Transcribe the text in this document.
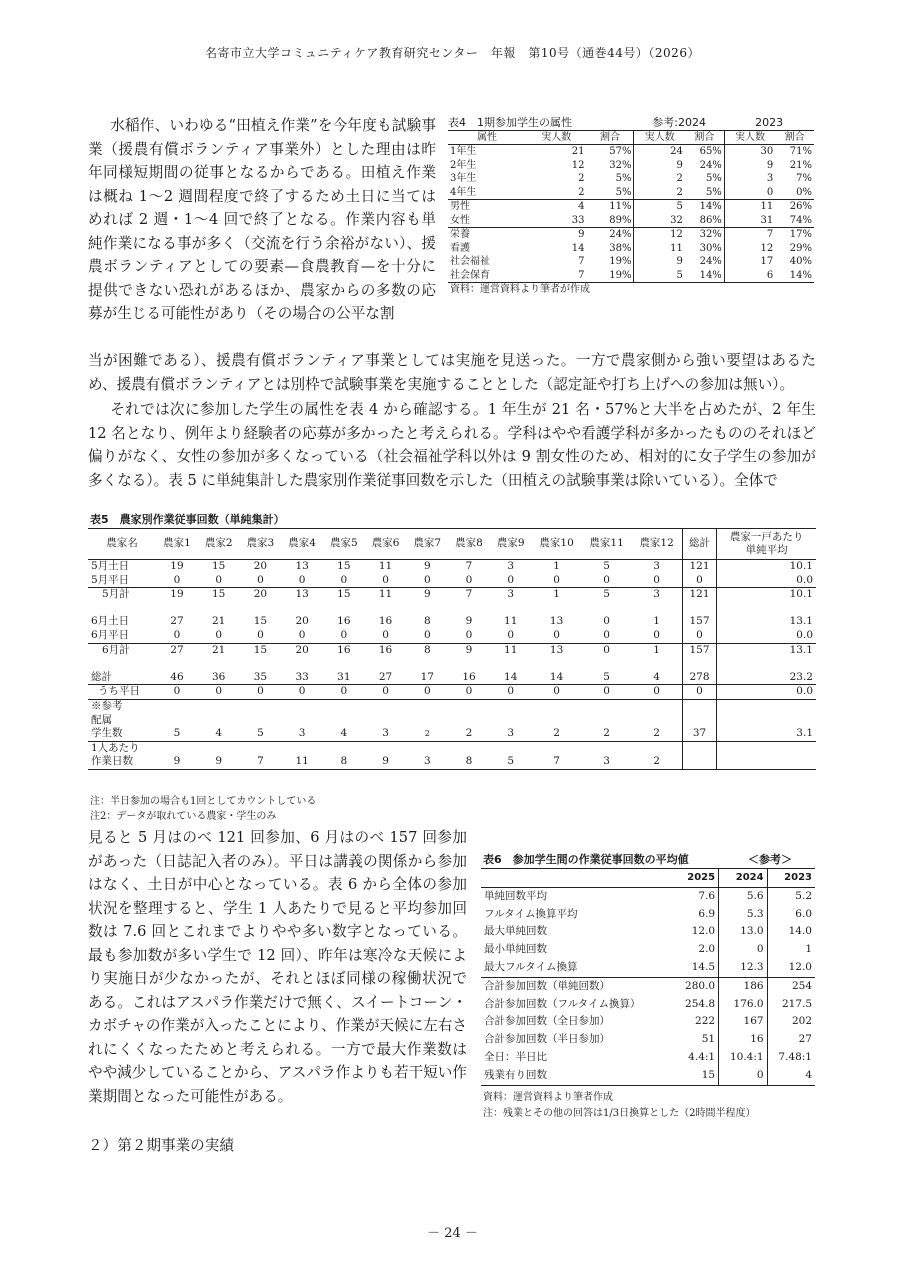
名寄市立大学コミュニティケア教育研究センター　年報　第10号（通巻44号）（2026）
水稲作、いわゆる“田植え作業”を今年度も試験事業（援農有償ボランティア事業外）とした理由は昨年同様短期間の従事となるからである。田植え作業は概ね 1〜2 週間程度で終了するため土日に当てはめれば 2 週・1〜4 回で終了となる。作業内容も単純作業になる事が多く（交流を行う余裕がない）、援農ボランティアとしての要素—食農教育—を十分に提供できない恐れがあるほか、農家からの多数の応募が生じる可能性があり（その場合の公平な割
当が困難である）、援農有償ボランティア事業としては実施を見送った。一方で農家側から強い要望はあるため、援農有償ボランティアとは別枠で試験事業を実施することとした（認定証や打ち上げへの参加は無い）。
それでは次に参加した学生の属性を表 4 から確認する。1 年生が 21 名・57%と大半を占めたが、2 年生 12 名となり、例年より経験者の応募が多かったと考えられる。学科はやや看護学科が多かったもののそれほど偏りがなく、女性の参加が多くなっている（社会福祉学科以外は 9 割女性のため、相対的に女子学生の参加が多くなる）。表 5 に単純集計した農家別作業従事回数を示した（田植えの試験事業は除いている）。全体で
表4　1期参加学生の属性			参考:2024		2023	
属性	実人数	割合	実人数	割合	実人数	割合
1年生	21	57%	24	65%	30	71%
2年生	12	32%	9	24%	9	21%
3年生	2	5%	2	5%	3	7%
4年生	2	5%	2	5%	0	0%
男性	4	11%	5	14%	11	26%
女性	33	89%	32	86%	31	74%
栄養	9	24%	12	32%	7	17%
看護	14	38%	11	30%	12	29%
社会福祉	7	19%	9	24%	17	40%
社会保育	7	19%	5	14%	6	14%
資料：運営資料より筆者が作成						
表5　農家別作業従事回数（単純集計）
農家名	農家1	農家2	農家3	農家4	農家5	農家6	農家7	農家8	農家9	農家10	農家11	農家12	総計	農家一戸あたり
単純平均

5月土日	19	15	20	13	15	11	9	7	3	1	5	3	121	10.1
5月平日	0	0	0	0	0	0	0	0	0	0	0	0	0	0.0
5月計	19	15	20	13	15	11	9	7	3	1	5	3	121	10.1

6月土日	27	21	15	20	16	16	8	9	11	13	0	1	157	13.1
6月平日	0	0	0	0	0	0	0	0	0	0	0	0	0	0.0
6月計	27	21	15	20	16	16	8	9	11	13	0	1	157	13.1

総計	46	36	35	33	31	27	17	16	14	14	5	4	278	23.2
うち平日	0	0	0	0	0	0	0	0	0	0	0	0	0	0.0
※参考														
配属														
学生数	5	4	5	3	4	3	2	2	3	2	2	2	37	3.1
1人あたり														
作業日数	9	9	7	11	8	9	3	8	5	7	3	2		
注：半日参加の場合も1回としてカウントしている
注2：データが取れている農家・学生のみ
見ると 5 月はのべ 121 回参加、6 月はのべ 157 回参加があった（日誌記入者のみ）。平日は講義の関係から参加はなく、土日が中心となっている。表 6 から全体の参加状況を整理すると、学生 1 人あたりで見ると平均参加回数は 7.6 回とこれまでよりやや多い数字となっている。最も参加数が多い学生で 12 回）、昨年は寒冷な天候により実施日が少なかったが、それとほぼ同様の稼働状況である。これはアスパラ作業だけで無く、スイートコーン・カボチャの作業が入ったことにより、作業が天候に左右されにくくなったためと考えられる。一方で最大作業数はやや減少していることから、アスパラ作よりも若干短い作業期間となった可能性がある。
２）第２期事業の実績
表6　参加学生間の作業従事回数の平均値	＜参考＞
	2025	2024	2023
単純回数平均	7.6	5.6	5.2
フルタイム換算平均	6.9	5.3	6.0
最大単純回数	12.0	13.0	14.0
最小単純回数	2.0	0	1
最大フルタイム換算	14.5	12.3	12.0
合計参加回数（単純回数）	280.0	186	254
合計参加回数（フルタイム換算）	254.8	176.0	217.5
合計参加回数（全日参加）	222	167	202
合計参加回数（半日参加）	51	16	27
全日：半日比	4.4:1	10.4:1	7.48:1
残業有り回数	15	0	4
資料：運営資料より筆者作成
注：残業とその他の回答は1/3日換算とした（2時間半程度）
－ 24 －
